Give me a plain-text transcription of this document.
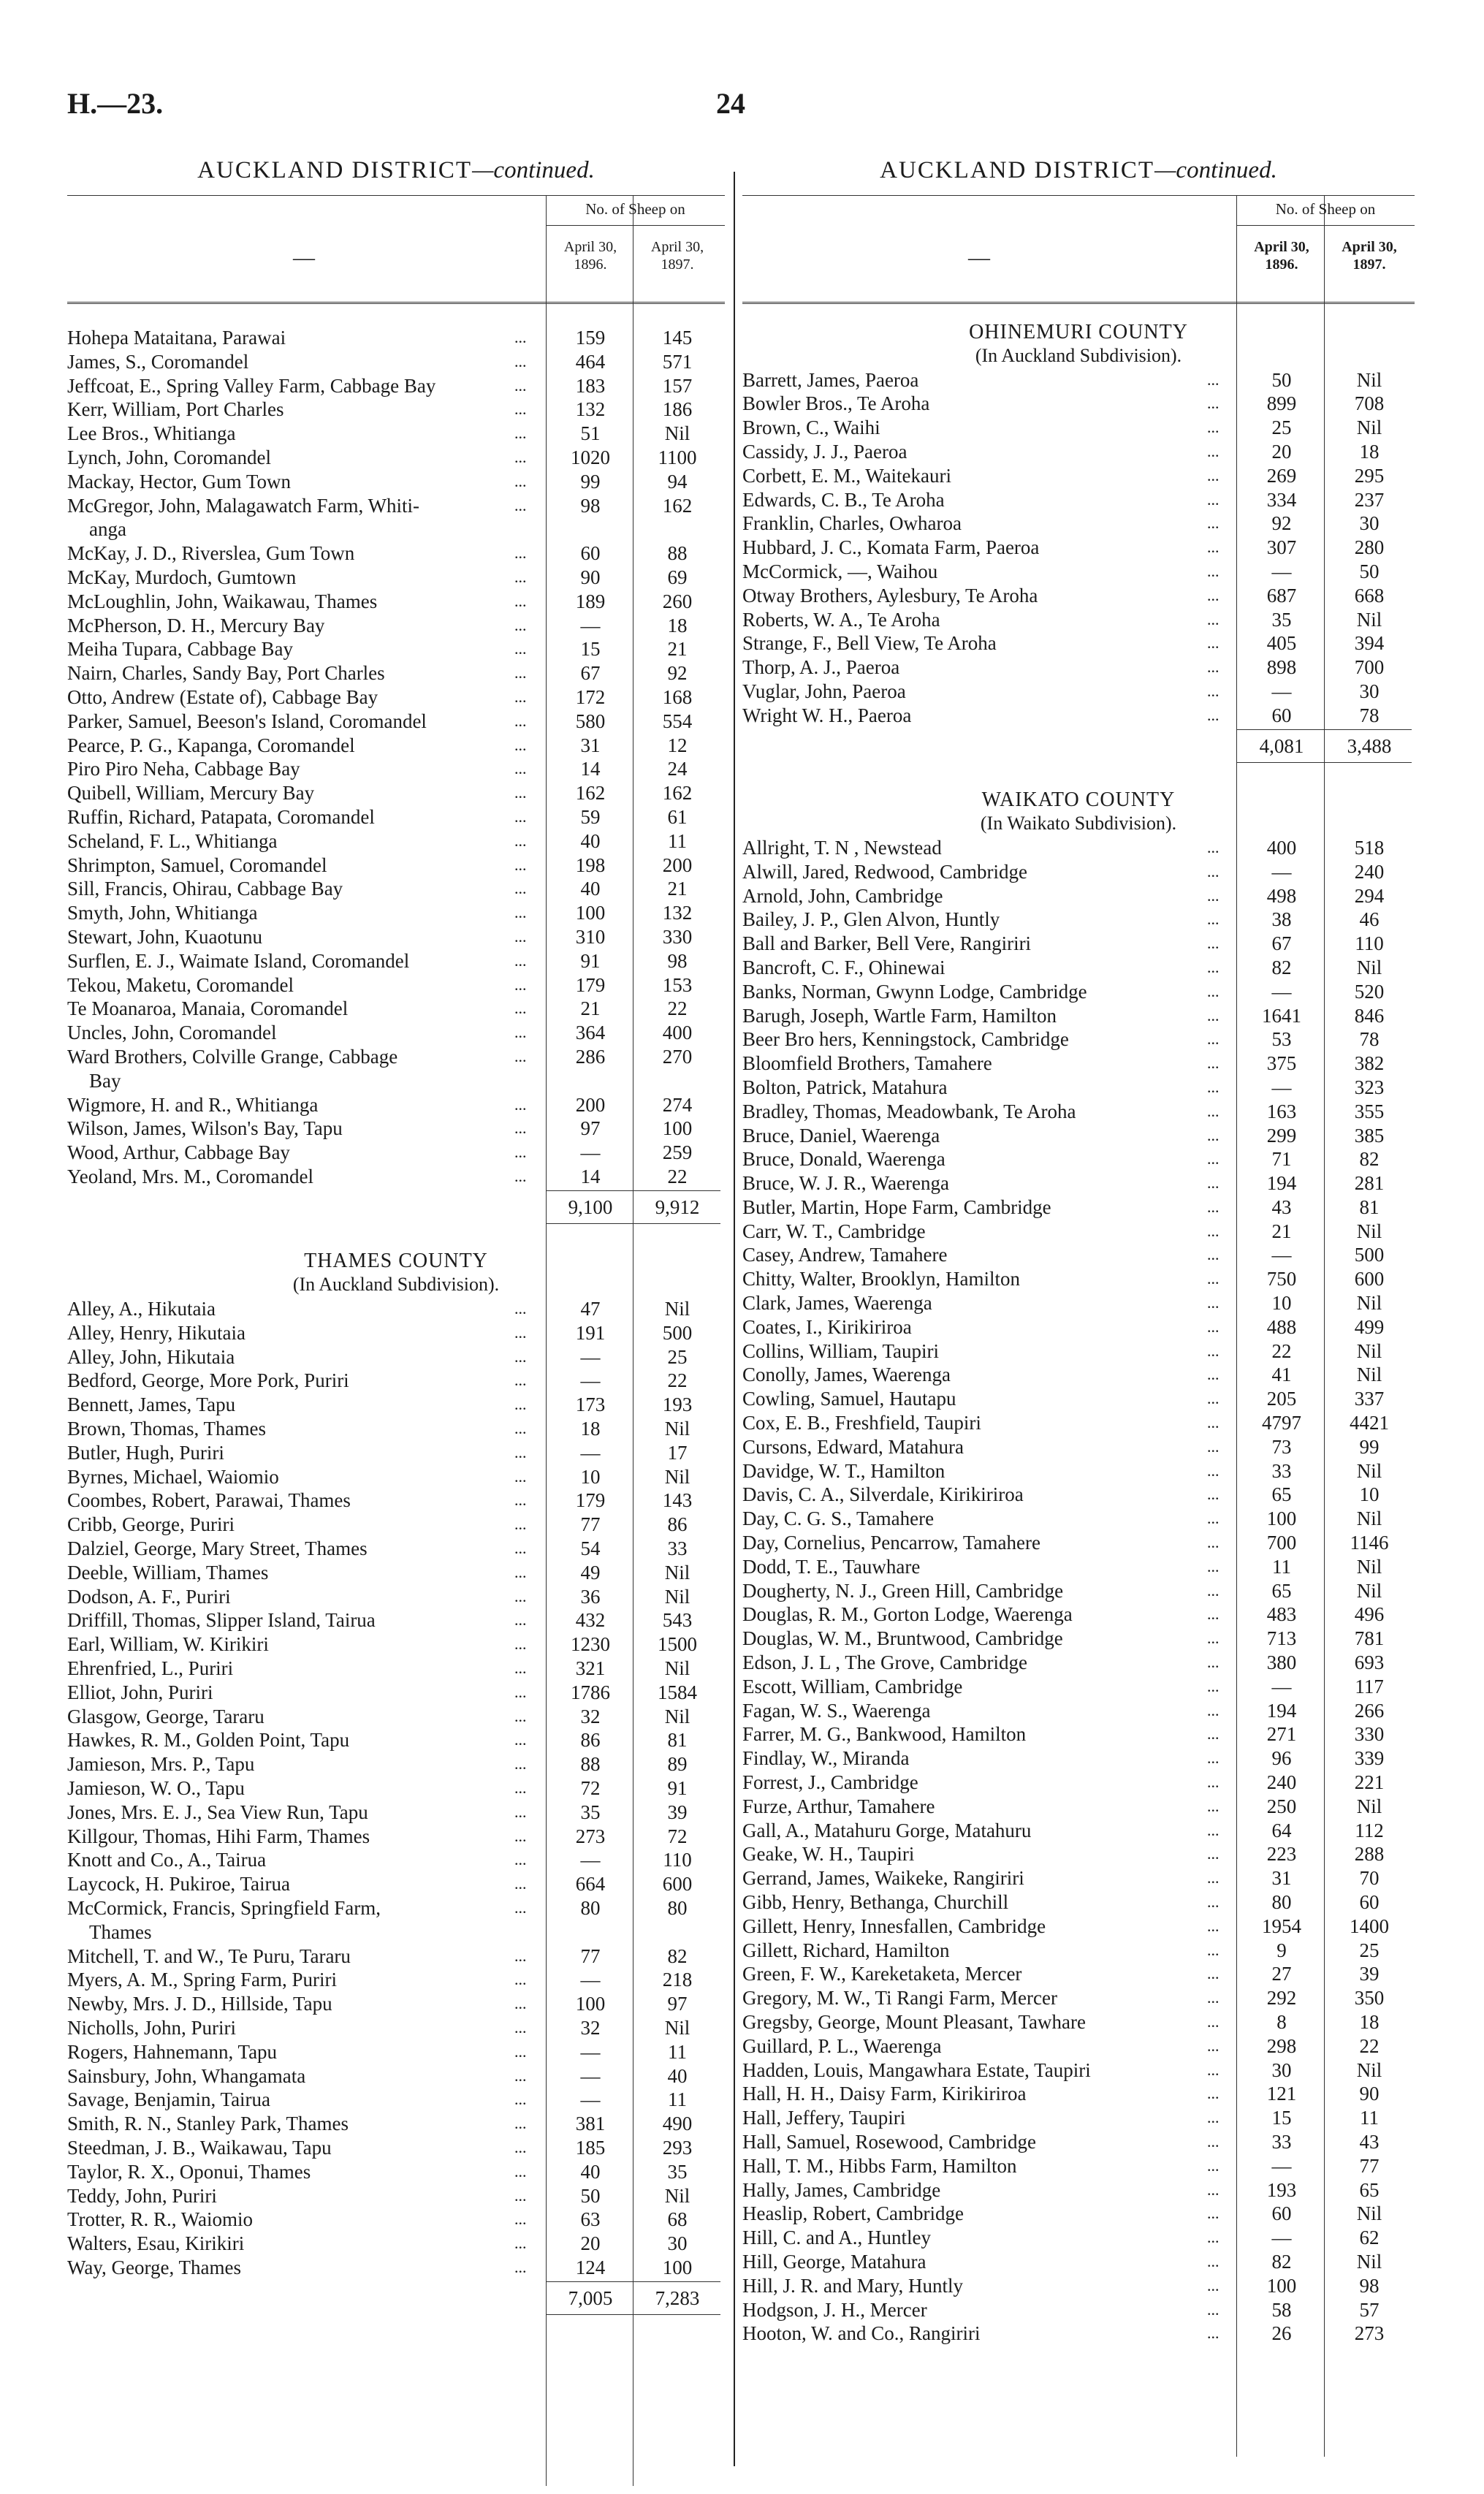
H.—23.	24
AUCKLAND DISTRICT—continued.
—
No. of Sheep on
April 30,
1896.
April 30,
1897.
Hohepa Mataitana, Parawai	...	159	145
James, S., Coromandel	...	464	571
Jeffcoat, E., Spring Valley Farm, Cabbage Bay	...	183	157
Kerr, William, Port Charles	...	132	186
Lee Bros., Whitianga	...	51	Nil
Lynch, John, Coromandel	...	1020	1100
Mackay, Hector, Gum Town	...	99	94
McGregor, John, Malagawatch Farm, Whiti-	...	98	162
anga
McKay, J. D., Riverslea, Gum Town	...	60	88
McKay, Murdoch, Gumtown	...	90	69
McLoughlin, John, Waikawau, Thames	...	189	260
McPherson, D. H., Mercury Bay	...	—	18
Meiha Tupara, Cabbage Bay	...	15	21
Nairn, Charles, Sandy Bay, Port Charles	...	67	92
Otto, Andrew (Estate of), Cabbage Bay	...	172	168
Parker, Samuel, Beeson's Island, Coromandel	...	580	554
Pearce, P. G., Kapanga, Coromandel	...	31	12
Piro Piro Neha, Cabbage Bay	...	14	24
Quibell, William, Mercury Bay	...	162	162
Ruffin, Richard, Patapata, Coromandel	...	59	61
Scheland, F. L., Whitianga	...	40	11
Shrimpton, Samuel, Coromandel	...	198	200
Sill, Francis, Ohirau, Cabbage Bay	...	40	21
Smyth, John, Whitianga	...	100	132
Stewart, John, Kuaotunu	...	310	330
Surflen, E. J., Waimate Island, Coromandel	...	91	98
Tekou, Maketu, Coromandel	...	179	153
Te Moanaroa, Manaia, Coromandel	...	21	22
Uncles, John, Coromandel	...	364	400
Ward Brothers, Colville Grange, Cabbage	...	286	270
Bay
Wigmore, H. and R., Whitianga	...	200	274
Wilson, James, Wilson's Bay, Tapu	...	97	100
Wood, Arthur, Cabbage Bay	...	—	259
Yeoland, Mrs. M., Coromandel	...	14	22
9,100	9,912
THAMES COUNTY
(In Auckland Subdivision).
Alley, A., Hikutaia	...	47	Nil
Alley, Henry, Hikutaia	...	191	500
Alley, John, Hikutaia	...	—	25
Bedford, George, More Pork, Puriri	...	—	22
Bennett, James, Tapu	...	173	193
Brown, Thomas, Thames	...	18	Nil
Butler, Hugh, Puriri	...	—	17
Byrnes, Michael, Waiomio	...	10	Nil
Coombes, Robert, Parawai, Thames	...	179	143
Cribb, George, Puriri	...	77	86
Dalziel, George, Mary Street, Thames	...	54	33
Deeble, William, Thames	...	49	Nil
Dodson, A. F., Puriri	...	36	Nil
Driffill, Thomas, Slipper Island, Tairua	...	432	543
Earl, William, W. Kirikiri	...	1230	1500
Ehrenfried, L., Puriri	...	321	Nil
Elliot, John, Puriri	...	1786	1584
Glasgow, George, Tararu	...	32	Nil
Hawkes, R. M., Golden Point, Tapu	...	86	81
Jamieson, Mrs. P., Tapu	...	88	89
Jamieson, W. O., Tapu	...	72	91
Jones, Mrs. E. J., Sea View Run, Tapu	...	35	39
Killgour, Thomas, Hihi Farm, Thames	...	273	72
Knott and Co., A., Tairua	...	—	110
Laycock, H. Pukiroe, Tairua	...	664	600
McCormick, Francis, Springfield Farm,	...	80	80
Thames
Mitchell, T. and W., Te Puru, Tararu	...	77	82
Myers, A. M., Spring Farm, Puriri	...	—	218
Newby, Mrs. J. D., Hillside, Tapu	...	100	97
Nicholls, John, Puriri	...	32	Nil
Rogers, Hahnemann, Tapu	...	—	11
Sainsbury, John, Whangamata	...	—	40
Savage, Benjamin, Tairua	...	—	11
Smith, R. N., Stanley Park, Thames	...	381	490
Steedman, J. B., Waikawau, Tapu	...	185	293
Taylor, R. X., Oponui, Thames	...	40	35
Teddy, John, Puriri	...	50	Nil
Trotter, R. R., Waiomio	...	63	68
Walters, Esau, Kirikiri	...	20	30
Way, George, Thames	...	124	100
7,005	7,283
AUCKLAND DISTRICT—continued.
—
No. of Sheep on
April 30,
1896.
April 30,
1897.
OHINEMURI COUNTY
(In Auckland Subdivision).
Barrett, James, Paeroa	...	50	Nil
Bowler Bros., Te Aroha	...	899	708
Brown, C., Waihi	...	25	Nil
Cassidy, J. J., Paeroa	...	20	18
Corbett, E. M., Waitekauri	...	269	295
Edwards, C. B., Te Aroha	...	334	237
Franklin, Charles, Owharoa	...	92	30
Hubbard, J. C., Komata Farm, Paeroa	...	307	280
McCormick, —, Waihou	...	—	50
Otway Brothers, Aylesbury, Te Aroha	...	687	668
Roberts, W. A., Te Aroha	...	35	Nil
Strange, F., Bell View, Te Aroha	...	405	394
Thorp, A. J., Paeroa	...	898	700
Vuglar, John, Paeroa	...	—	30
Wright W. H., Paeroa	...	60	78
4,081	3,488
WAIKATO COUNTY
(In Waikato Subdivision).
Allright, T. N , Newstead	...	400	518
Alwill, Jared, Redwood, Cambridge	...	—	240
Arnold, John, Cambridge	...	498	294
Bailey, J. P., Glen Alvon, Huntly	...	38	46
Ball and Barker, Bell Vere, Rangiriri	...	67	110
Bancroft, C. F., Ohinewai	...	82	Nil
Banks, Norman, Gwynn Lodge, Cambridge	...	—	520
Barugh, Joseph, Wartle Farm, Hamilton	...	1641	846
Beer Bro hers, Kenningstock, Cambridge	...	53	78
Bloomfield Brothers, Tamahere	...	375	382
Bolton, Patrick, Matahura	...	—	323
Bradley, Thomas, Meadowbank, Te Aroha	...	163	355
Bruce, Daniel, Waerenga	...	299	385
Bruce, Donald, Waerenga	...	71	82
Bruce, W. J. R., Waerenga	...	194	281
Butler, Martin, Hope Farm, Cambridge	...	43	81
Carr, W. T., Cambridge	...	21	Nil
Casey, Andrew, Tamahere	...	—	500
Chitty, Walter, Brooklyn, Hamilton	...	750	600
Clark, James, Waerenga	...	10	Nil
Coates, I., Kirikiriroa	...	488	499
Collins, William, Taupiri	...	22	Nil
Conolly, James, Waerenga	...	41	Nil
Cowling, Samuel, Hautapu	...	205	337
Cox, E. B., Freshfield, Taupiri	...	4797	4421
Cursons, Edward, Matahura	...	73	99
Davidge, W. T., Hamilton	...	33	Nil
Davis, C. A., Silverdale, Kirikiriroa	...	65	10
Day, C. G. S., Tamahere	...	100	Nil
Day, Cornelius, Pencarrow, Tamahere	...	700	1146
Dodd, T. E., Tauwhare	...	11	Nil
Dougherty, N. J., Green Hill, Cambridge	...	65	Nil
Douglas, R. M., Gorton Lodge, Waerenga	...	483	496
Douglas, W. M., Bruntwood, Cambridge	...	713	781
Edson, J. L , The Grove, Cambridge	...	380	693
Escott, William, Cambridge	...	—	117
Fagan, W. S., Waerenga	...	194	266
Farrer, M. G., Bankwood, Hamilton	...	271	330
Findlay, W., Miranda	...	96	339
Forrest, J., Cambridge	...	240	221
Furze, Arthur, Tamahere	...	250	Nil
Gall, A., Matahuru Gorge, Matahuru	...	64	112
Geake, W. H., Taupiri	...	223	288
Gerrand, James, Waikeke, Rangiriri	...	31	70
Gibb, Henry, Bethanga, Churchill	...	80	60
Gillett, Henry, Innesfallen, Cambridge	...	1954	1400
Gillett, Richard, Hamilton	...	9	25
Green, F. W., Kareketaketa, Mercer	...	27	39
Gregory, M. W., Ti Rangi Farm, Mercer	...	292	350
Gregsby, George, Mount Pleasant, Tawhare	...	8	18
Guillard, P. L., Waerenga	...	298	22
Hadden, Louis, Mangawhara Estate, Taupiri	...	30	Nil
Hall, H. H., Daisy Farm, Kirikiriroa	...	121	90
Hall, Jeffery, Taupiri	...	15	11
Hall, Samuel, Rosewood, Cambridge	...	33	43
Hall, T. M., Hibbs Farm, Hamilton	...	—	77
Hally, James, Cambridge	...	193	65
Heaslip, Robert, Cambridge	...	60	Nil
Hill, C. and A., Huntley	...	—	62
Hill, George, Matahura	...	82	Nil
Hill, J. R. and Mary, Huntly	...	100	98
Hodgson, J. H., Mercer	...	58	57
Hooton, W. and Co., Rangiriri	...	26	273
